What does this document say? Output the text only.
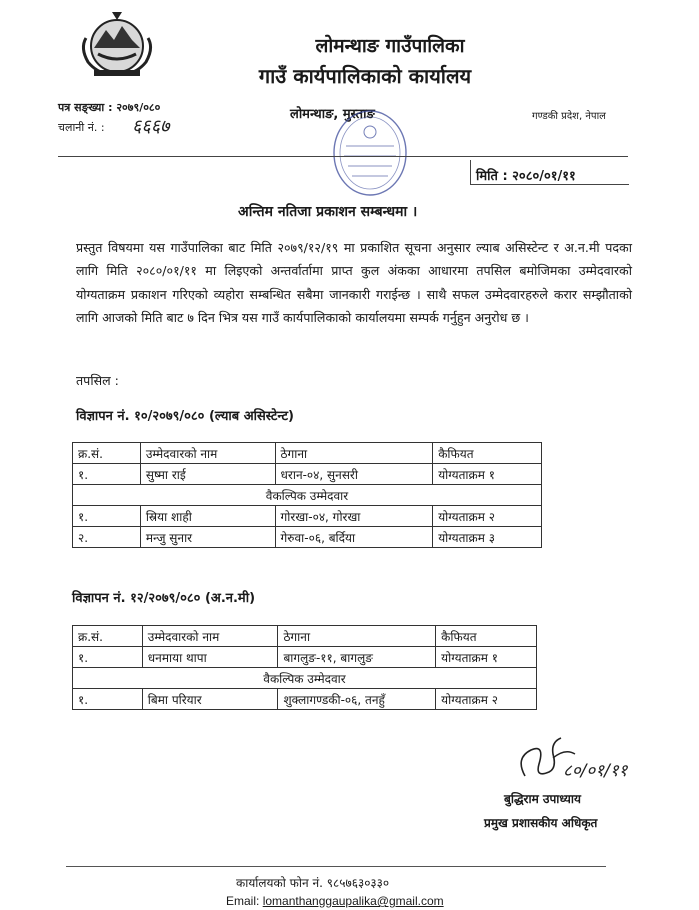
लोमन्थाङ गाउँपालिका
गाउँ कार्यपालिकाको कार्यालय
लोमन्थाङ, मुस्ताङ	गण्डकी प्रदेश, नेपाल
पत्र सङ्ख्या : २०७९/०८०
चलानी नं. : ६६६७
मिति : २०८०/०१/११
अन्तिम नतिजा प्रकाशन सम्बन्धमा ।
प्रस्तुत विषयमा यस गाउँपालिका बाट मिति २०७९/१२/१९ मा प्रकाशित सूचना अनुसार ल्याब असिस्टेन्ट र अ.न.मी पदका लागि मिति २०८०/०१/११ मा लिइएको अन्तर्वार्तामा प्राप्त कुल अंकका आधारमा तपसिल बमोजिमका उम्मेदवारको योग्यताक्रम प्रकाशन गरिएको व्यहोरा सम्बन्धित सबैमा जानकारी गराईन्छ । साथै सफल उम्मेदवारहरुले करार सम्झौताको लागि आजको मिति बाट ७ दिन भित्र यस गाउँ कार्यपालिकाको कार्यालयमा सम्पर्क गर्नुहुन अनुरोध छ ।
तपसिल :
विज्ञापन नं. १०/२०७९/०८० (ल्याब असिस्टेन्ट)
क्र.सं.	उम्मेदवारको नाम	ठेगाना	कैफियत
१.	सुष्मा राई	धरान-०४, सुनसरी	योग्यताक्रम १
वैकल्पिक उम्मेदवार			
१.	स्रिया शाही	गोरखा-०४, गोरखा	योग्यताक्रम २
२.	मन्जु सुनार	गेरुवा-०६, बर्दिया	योग्यताक्रम ३
विज्ञापन नं. १२/२०७९/०८० (अ.न.मी)
क्र.सं.	उम्मेदवारको नाम	ठेगाना	कैफियत
१.	धनमाया थापा	बागलुङ-११, बागलुङ	योग्यताक्रम १
वैकल्पिक उम्मेदवार			
१.	बिमा परियार	शुक्लागण्डकी-०६, तनहुँ	योग्यताक्रम २
८०/०१/११
बुद्धिराम उपाध्याय
प्रमुख प्रशासकीय अधिकृत
कार्यालयको फोन नं. ९८५७६३०३३०
Email: lomanthanggaupalika@gmail.com
